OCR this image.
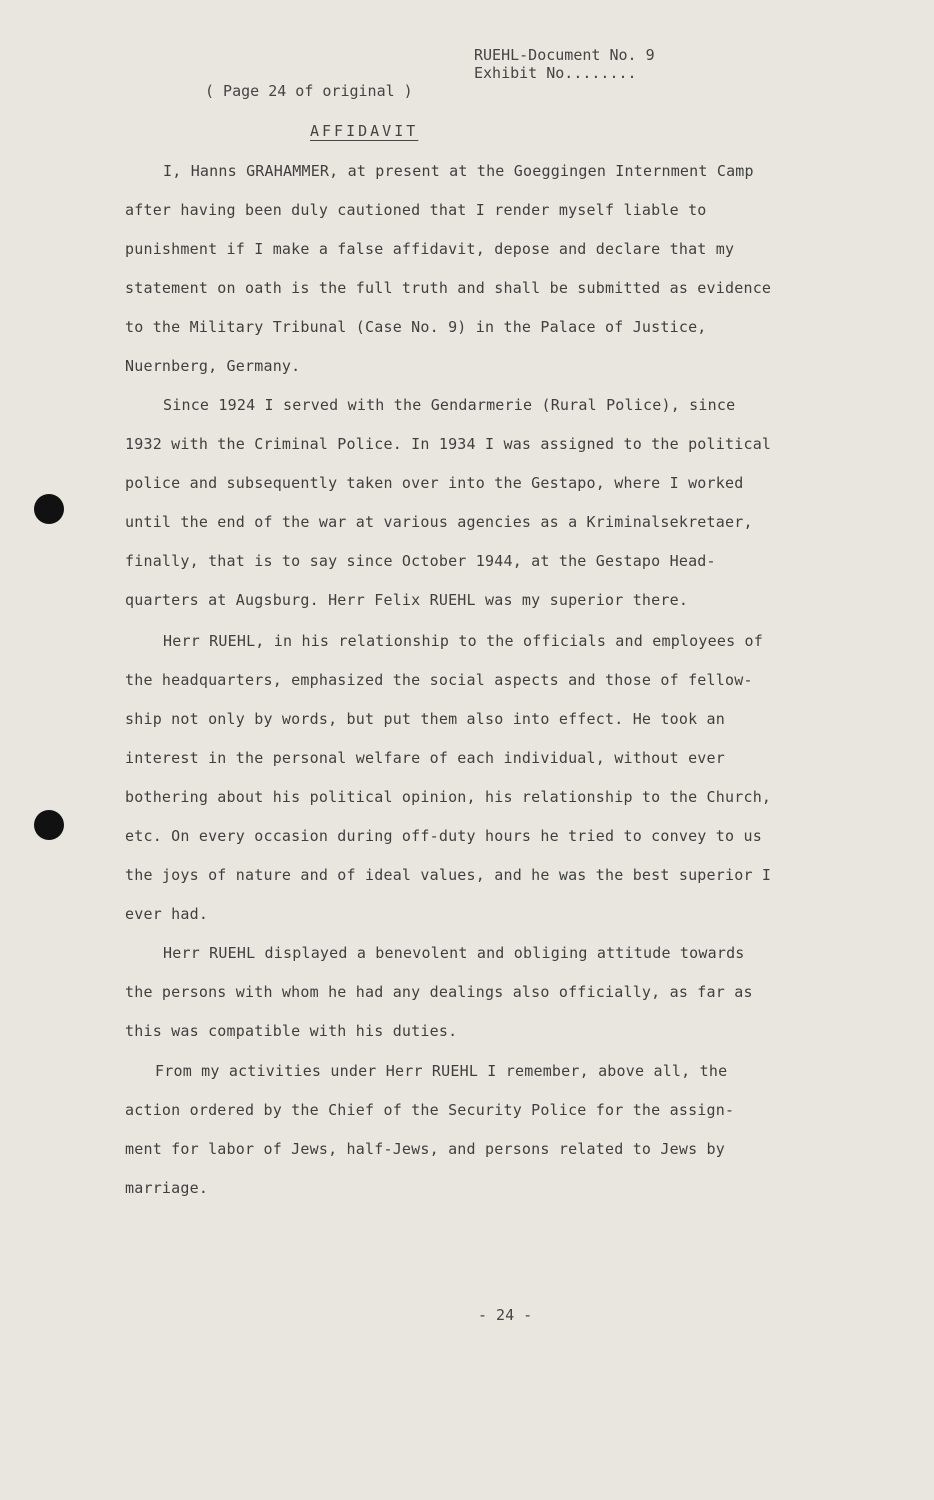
RUEHL-Document No. 9
Exhibit No........
( Page 24 of original )
AFFIDAVIT
I, Hanns GRAHAMMER, at present at the Goeggingen Internment Camp
after having been duly cautioned that I render myself liable to
punishment if I make a false affidavit, depose and declare that my
statement on oath is the full truth and shall be submitted as evidence
to the Military Tribunal (Case No. 9) in the Palace of Justice,
Nuernberg, Germany.
Since 1924 I served with the Gendarmerie (Rural Police), since
1932 with the Criminal Police. In 1934 I was assigned to the political
police and subsequently taken over into the Gestapo, where I worked
until the end of the war at various agencies as a Kriminalsekretaer,
finally, that is to say since October 1944, at the Gestapo Head-
quarters at Augsburg. Herr Felix RUEHL was my superior there.
Herr RUEHL, in his relationship to the officials and employees of
the headquarters, emphasized the social aspects and those of fellow-
ship not only by words, but put them also into effect. He took an
interest in the personal welfare of each individual, without ever
bothering about his political opinion, his relationship to the Church,
etc. On every occasion during off-duty hours he tried to convey to us
the joys of nature and of ideal values, and he was the best superior I
ever had.
Herr RUEHL displayed a benevolent and obliging attitude towards
the persons with whom he had any dealings also officially, as far as
this was compatible with his duties.
From my activities under Herr RUEHL I remember, above all, the
action ordered by the Chief of the Security Police for the assign-
ment for labor of Jews, half-Jews, and persons related to Jews by
marriage.
- 24 -
